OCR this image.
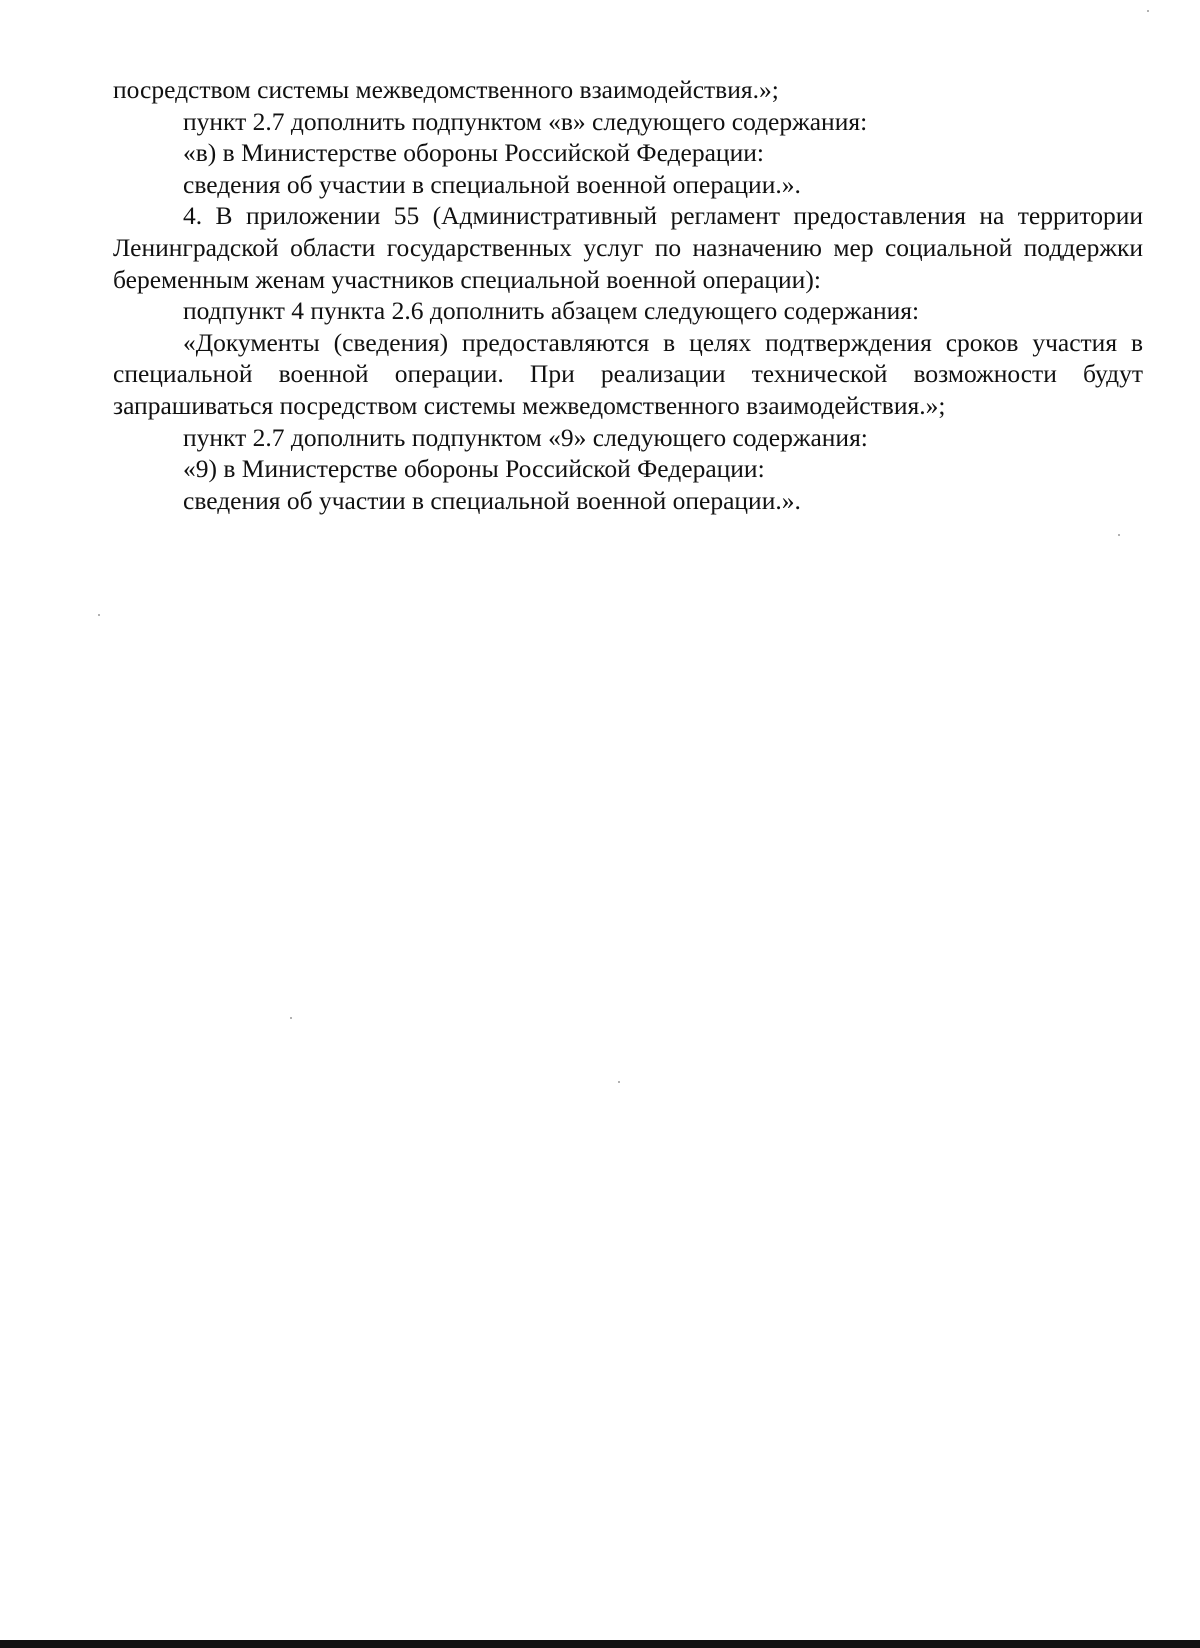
посредством системы межведомственного взаимодействия.»;

пункт 2.7 дополнить подпунктом «в» следующего содержания:

«в) в Министерстве обороны Российской Федерации:

сведения об участии в специальной военной операции.».

4. В приложении 55 (Административный регламент предоставления на территории Ленинградской области государственных услуг по назначению мер социальной поддержки беременным женам участников специальной военной операции):

подпункт 4 пункта 2.6 дополнить абзацем следующего содержания:

«Документы (сведения) предоставляются в целях подтверждения сроков участия в специальной военной операции. При реализации технической возможности будут запрашиваться посредством системы межведомственного взаимодействия.»;

пункт 2.7 дополнить подпунктом «9» следующего содержания:

«9) в Министерстве обороны Российской Федерации:

сведения об участии в специальной военной операции.».
